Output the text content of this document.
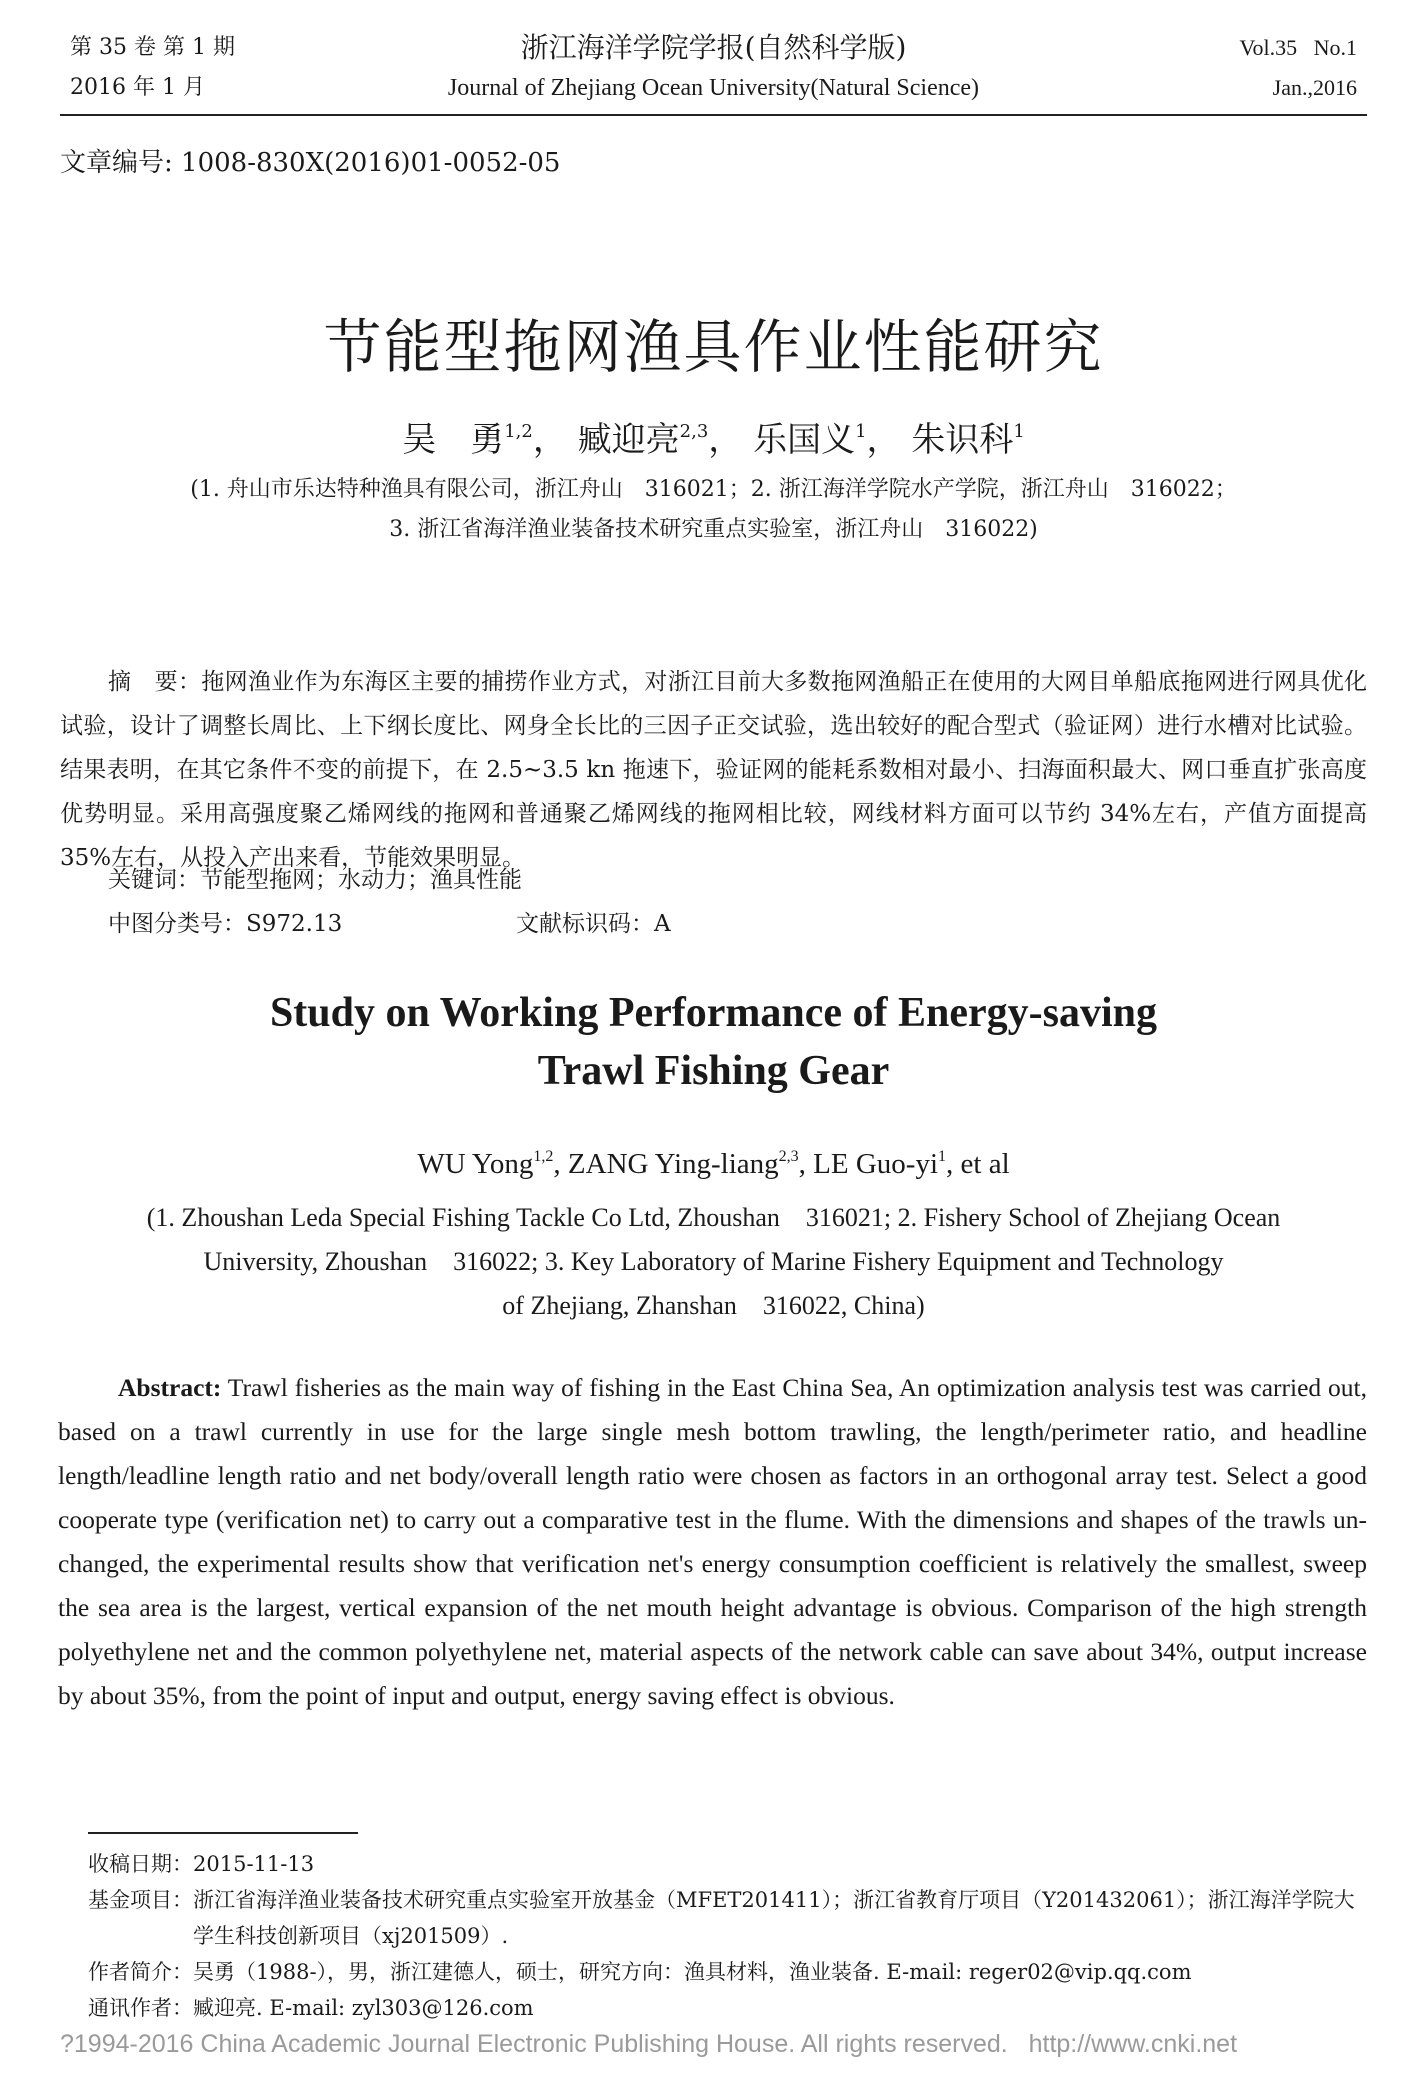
第 35 卷 第 1 期
2016 年 1 月
浙江海洋学院学报(自然科学版)
Journal of Zhejiang Ocean University(Natural Science)
Vol.35   No.1
Jan.,2016
文章编号: 1008-830X(2016)01-0052-05
节能型拖网渔具作业性能研究
吴　勇$^{1,2}$， 臧迎亮$^{2,3}$， 乐国义$^1$， 朱识科$^1$
(1. 舟山市乐达特种渔具有限公司，浙江舟山　316021；2. 浙江海洋学院水产学院，浙江舟山　316022；
3. 浙江省海洋渔业装备技术研究重点实验室，浙江舟山　316022)

摘　要：拖网渔业作为东海区主要的捕捞作业方式，对浙江目前大多数拖网渔船正在使用的大网目单船底拖网进行网具优化试验，设计了调整长周比、上下纲长度比、网身全长比的三因子正交试验，选出较好的配合型式（验证网）进行水槽对比试验。结果表明，在其它条件不变的前提下，在 2.5~3.5 kn 拖速下，验证网的能耗系数相对最小、扫海面积最大、网口垂直扩张高度优势明显。采用高强度聚乙烯网线的拖网和普通聚乙烯网线的拖网相比较，网线材料方面可以节约 34%左右，产值方面提高 35%左右，从投入产出来看，节能效果明显。

关键词：节能型拖网；水动力；渔具性能
中图分类号：S972.13	文献标识码：A
Study on Working Performance of Energy-saving
Trawl Fishing Gear
WU Yong$^{1,2}$, ZANG Ying-liang$^{2,3}$, LE Guo-$yi^1$, et al
(1. Zhoushan Leda Special Fishing Tackle Co Ltd, Zhoushan　316021; 2. Fishery School of Zhejiang Ocean
University, Zhoushan　316022; 3. Key Laboratory of Marine Fishery Equipment and Technology
of Zhejiang, Zhanshan　316022, China)

Abstract: Trawl fisheries as the main way of fishing in the East China Sea, An optimization analysis test was carried out, based on a trawl currently in use for the large single mesh bottom trawling, the length/perimeter ratio, and headline length/leadline length ratio and net body/overall length ratio were chosen as factors in an orthogonal array test. Select a good cooperate type (verification net) to carry out a comparative test in the flume. With the dimensions and shapes of the trawls un-changed, the experimental results show that verification net's energy consumption coefficient is relatively the smallest, sweep the sea area is the largest, vertical expansion of the net mouth height advantage is obvious. Comparison of the high strength polyethylene net and the common polyethylene net, material aspects of the network cable can save about 34%, output increase by about 35%, from the point of input and output, energy saving effect is obvious.

收稿日期： 2015-11-13
基金项目： 浙江省海洋渔业装备技术研究重点实验室开放基金（MFET201411）；浙江省教育厅项目（Y201432061）；浙江海洋学院大学生科技创新项目（xj201509）.
作者简介： 吴勇（1988-），男，浙江建德人，硕士，研究方向：渔具材料，渔业装备. E-mail: reger02@vip.qq.com
通讯作者： 臧迎亮. E-mail: zyl303@126.com
?1994-2016 China Academic Journal Electronic Publishing House. All rights reserved.   http://www.cnki.net
